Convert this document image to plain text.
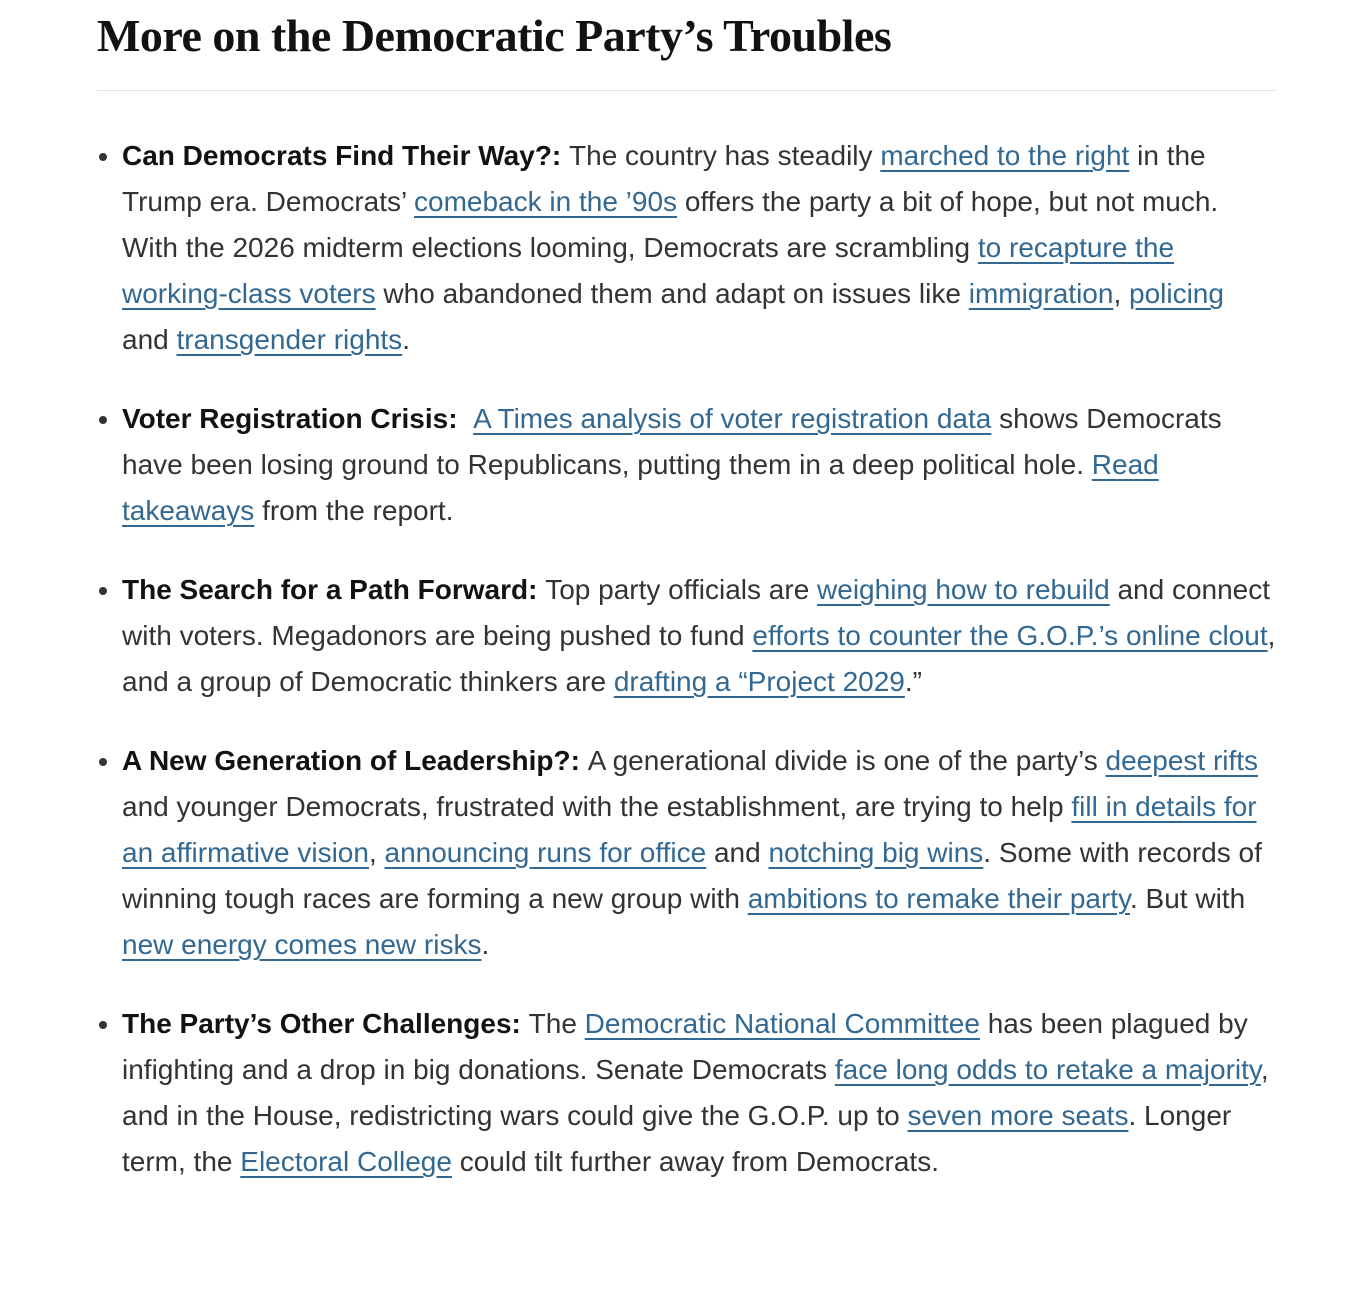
More on the Democratic Party’s Troubles
Can Democrats Find Their Way?: The country has steadily marched to the right in the Trump era. Democrats’ comeback in the ’90s offers the party a bit of hope, but not much. With the 2026 midterm elections looming, Democrats are scrambling to recapture the working-class voters who abandoned them and adapt on issues like immigration, policing and transgender rights.
Voter Registration Crisis:  A Times analysis of voter registration data shows Democrats have been losing ground to Republicans, putting them in a deep political hole. Read takeaways from the report.
The Search for a Path Forward: Top party officials are weighing how to rebuild and connect with voters. Megadonors are being pushed to fund efforts to counter the G.O.P.’s online clout, and a group of Democratic thinkers are drafting a “Project 2029.”
A New Generation of Leadership?: A generational divide is one of the party’s deepest rifts and younger Democrats, frustrated with the establishment, are trying to help fill in details for an affirmative vision, announcing runs for office and notching big wins. Some with records of winning tough races are forming a new group with ambitions to remake their party. But with new energy comes new risks.
The Party’s Other Challenges: The Democratic National Committee has been plagued by infighting and a drop in big donations. Senate Democrats face long odds to retake a majority, and in the House, redistricting wars could give the G.O.P. up to seven more seats. Longer term, the Electoral College could tilt further away from Democrats.
